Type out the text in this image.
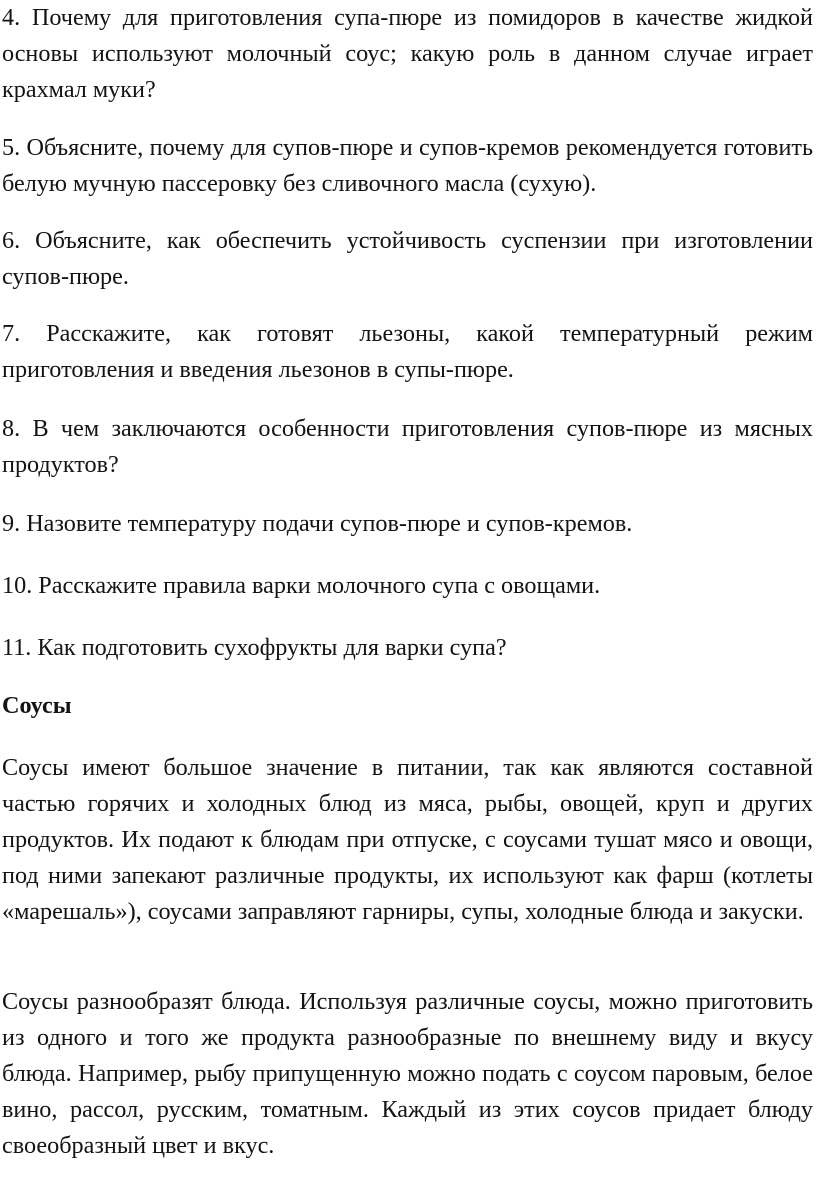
4. Почему для приготовления супа-пюре из помидоров в качестве жидкой основы используют молочный соус; какую роль в данном случае играет крахмал муки?

5. Объясните, почему для супов-пюре и супов-кремов рекомендуется готовить белую мучную пассеровку без сливочного масла (сухую).

6. Объясните, как обеспечить устойчивость суспензии при изготовлении супов-пюре.

7. Расскажите, как готовят льезоны, какой температурный режим приготовления и введения льезонов в супы-пюре.

8. В чем заключаются особенности приготовления супов-пюре из мясных продуктов?

9. Назовите температуру подачи супов-пюре и супов-кремов.

10. Расскажите правила варки молочного супа с овощами.

11. Как подготовить сухофрукты для варки супа?

Соусы

Соусы имеют большое значение в питании, так как являются составной частью горячих и холодных блюд из мяса, рыбы, овощей, круп и других продуктов. Их подают к блюдам при отпуске, с соусами тушат мясо и овощи, под ними запекают различные продукты, их используют как фарш (котлеты «марешаль»), соусами заправляют гарниры, супы, холодные блюда и закуски.

Соусы разнообразят блюда. Используя различные соусы, можно приготовить из одного и того же продукта разнообразные по внешнему виду и вкусу блюда. Например, рыбу припущенную можно подать с соусом паровым, белое вино, рассол, русским, томатным. Каждый из этих соусов придает блюду своеобразный цвет и вкус.
